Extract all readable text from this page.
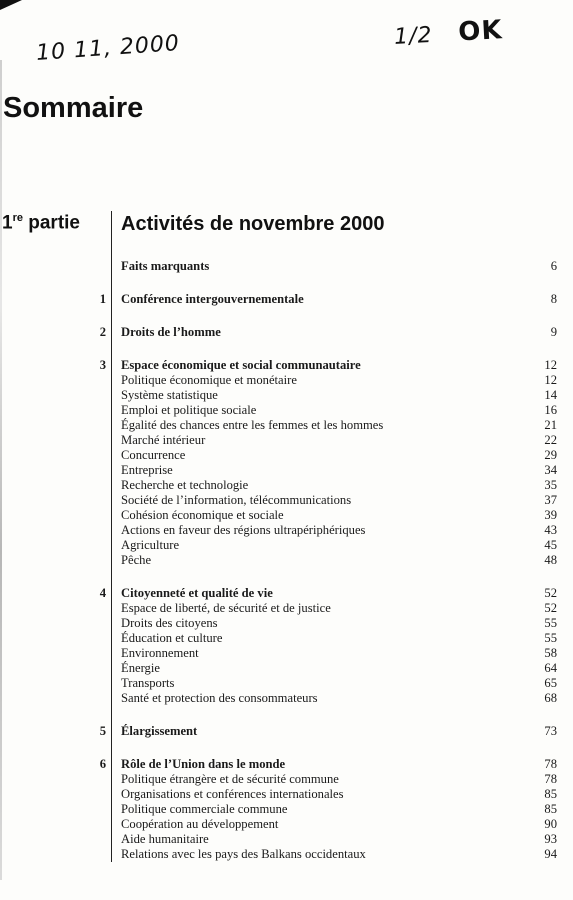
10 11, 2000	1/2 OK
Sommaire
1re partie Activités de novembre 2000
Faits marquants	6
1 Conférence intergouvernementale	8
2 Droits de l’homme	9
3 Espace économique et social communautaire	12
Politique économique et monétaire	12
Système statistique	14
Emploi et politique sociale	16
Égalité des chances entre les femmes et les hommes	21
Marché intérieur	22
Concurrence	29
Entreprise	34
Recherche et technologie	35
Société de l’information, télécommunications	37
Cohésion économique et sociale	39
Actions en faveur des régions ultrapériphériques	43
Agriculture	45
Pêche	48
4 Citoyenneté et qualité de vie	52
Espace de liberté, de sécurité et de justice	52
Droits des citoyens	55
Éducation et culture	55
Environnement	58
Énergie	64
Transports	65
Santé et protection des consommateurs	68
5 Élargissement	73
6 Rôle de l’Union dans le monde	78
Politique étrangère et de sécurité commune	78
Organisations et conférences internationales	85
Politique commerciale commune	85
Coopération au développement	90
Aide humanitaire	93
Relations avec les pays des Balkans occidentaux	94
